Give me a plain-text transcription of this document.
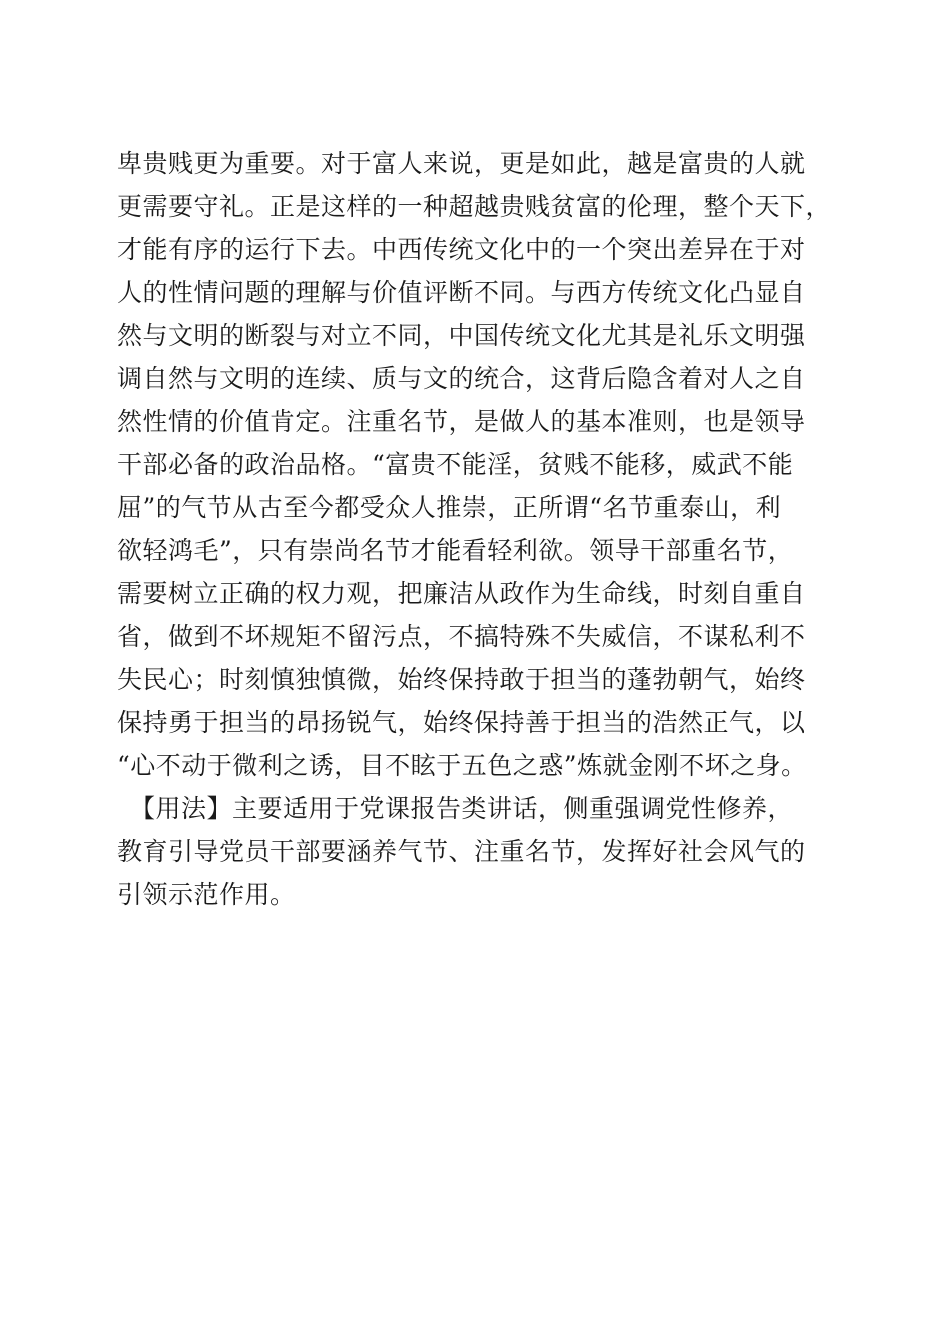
卑贵贱更为重要。对于富人来说，更是如此，越是富贵的人就
更需要守礼。正是这样的一种超越贵贱贫富的伦理，整个天下，
才能有序的运行下去。中西传统文化中的一个突出差异在于对
人的性情问题的理解与价值评断不同。与西方传统文化凸显自
然与文明的断裂与对立不同，中国传统文化尤其是礼乐文明强
调自然与文明的连续、质与文的统合，这背后隐含着对人之自
然性情的价值肯定。注重名节，是做人的基本准则，也是领导
干部必备的政治品格。“富贵不能淫，贫贱不能移，威武不能
屈”的气节从古至今都受众人推崇，正所谓“名节重泰山，利
欲轻鸿毛”，只有崇尚名节才能看轻利欲。领导干部重名节，
需要树立正确的权力观，把廉洁从政作为生命线，时刻自重自
省，做到不坏规矩不留污点，不搞特殊不失威信，不谋私利不
失民心；时刻慎独慎微，始终保持敢于担当的蓬勃朝气，始终
保持勇于担当的昂扬锐气，始终保持善于担当的浩然正气，以
“心不动于微利之诱，目不眩于五色之惑”炼就金刚不坏之身。
　【用法】主要适用于党课报告类讲话，侧重强调党性修养，
教育引导党员干部要涵养气节、注重名节，发挥好社会风气的
引领示范作用。
